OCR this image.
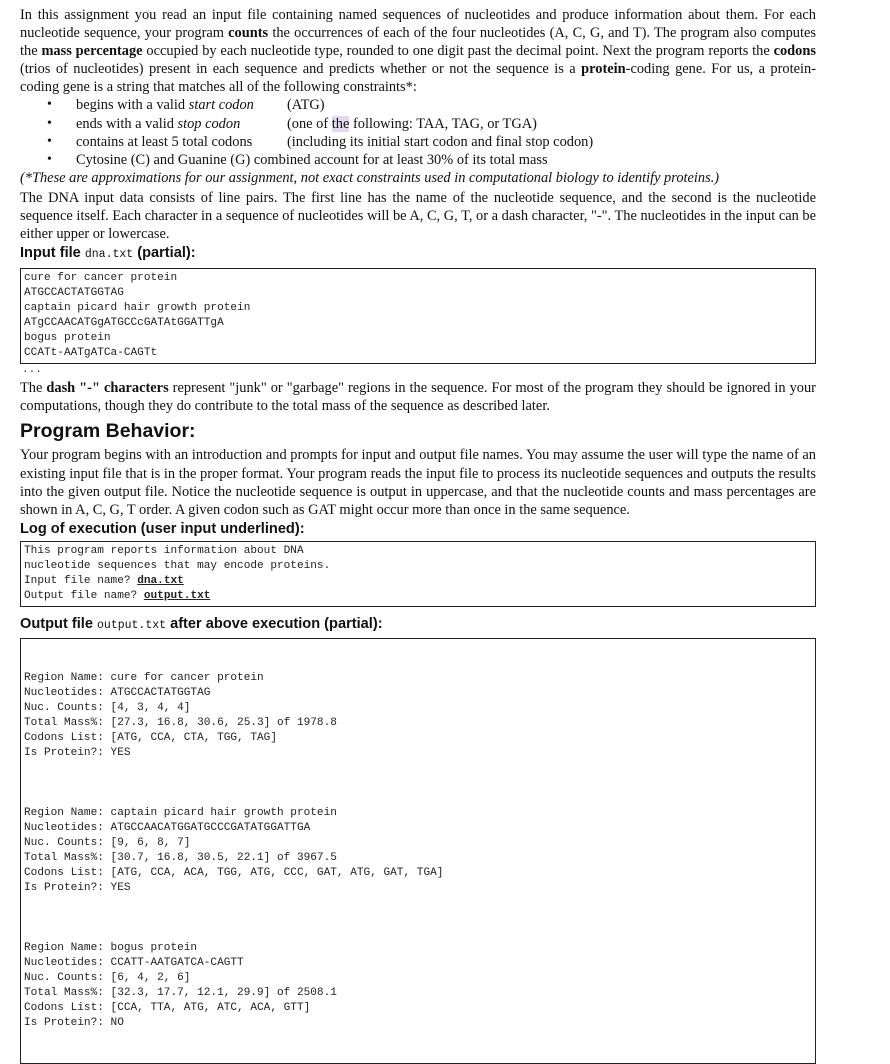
In this assignment you read an input file containing named sequences of nucleotides and produce information about them. For each nucleotide sequence, your program counts the occurrences of each of the four nucleotides (A, C, G, and T). The program also computes the mass percentage occupied by each nucleotide type, rounded to one digit past the decimal point. Next the program reports the codons (trios of nucleotides) present in each sequence and predicts whether or not the sequence is a protein-coding gene. For us, a protein-coding gene is a string that matches all of the following constraints*:

• begins with a valid start codon (ATG)
• ends with a valid stop codon	(one of the following: TAA, TAG, or TGA)
• contains at least 5 total codons (including its initial start codon and final stop codon)
• Cytosine (C) and Guanine (G) combined account for at least 30% of its total mass

(*These are approximations for our assignment, not exact constraints used in computational biology to identify proteins.)

The DNA input data consists of line pairs. The first line has the name of the nucleotide sequence, and the second is the nucleotide sequence itself. Each character in a sequence of nucleotides will be A, C, G, T, or a dash character, "-". The nucleotides in the input can be either upper or lowercase.

Input file dna.txt (partial):
cure for cancer protein
ATGCCACTATGGTAG
captain picard hair growth protein
ATgCCAACATGgATGCCcGATAtGGATTgA
bogus protein
CCATt-AATgATCa-CAGTt
...

The dash "-" characters represent "junk" or "garbage" regions in the sequence. For most of the program they should be ignored in your computations, though they do contribute to the total mass of the sequence as described later.

Program Behavior:

Your program begins with an introduction and prompts for input and output file names. You may assume the user will type the name of an existing input file that is in the proper format. Your program reads the input file to process its nucleotide sequences and outputs the results into the given output file. Notice the nucleotide sequence is output in uppercase, and that the nucleotide counts and mass percentages are shown in A, C, G, T order. A given codon such as GAT might occur more than once in the same sequence.

Log of execution (user input underlined):
This program reports information about DNA
nucleotide sequences that may encode proteins.
Input file name? dna.txt
Output file name? output.txt
Output file output.txt after above execution (partial):

Region Name: cure for cancer protein
Nucleotides: ATGCCACTATGGTAG
Nuc. Counts: [4, 3, 4, 4]
Total Mass%: [27.3, 16.8, 30.6, 25.3] of 1978.8
Codons List: [ATG, CCA, CTA, TGG, TAG]
Is Protein?: YES

Region Name: captain picard hair growth protein
Nucleotides: ATGCCAACATGGATGCCCGATATGGATTGA
Nuc. Counts: [9, 6, 8, 7]
Total Mass%: [30.7, 16.8, 30.5, 22.1] of 3967.5
Codons List: [ATG, CCA, ACA, TGG, ATG, CCC, GAT, ATG, GAT, TGA]
Is Protein?: YES

Region Name: bogus protein
Nucleotides: CCATT-AATGATCA-CAGTT
Nuc. Counts: [6, 4, 2, 6]
Total Mass%: [32.3, 17.7, 12.1, 29.9] of 2508.1
Codons List: [CCA, TTA, ATG, ATC, ACA, GTT]
Is Protein?: NO
